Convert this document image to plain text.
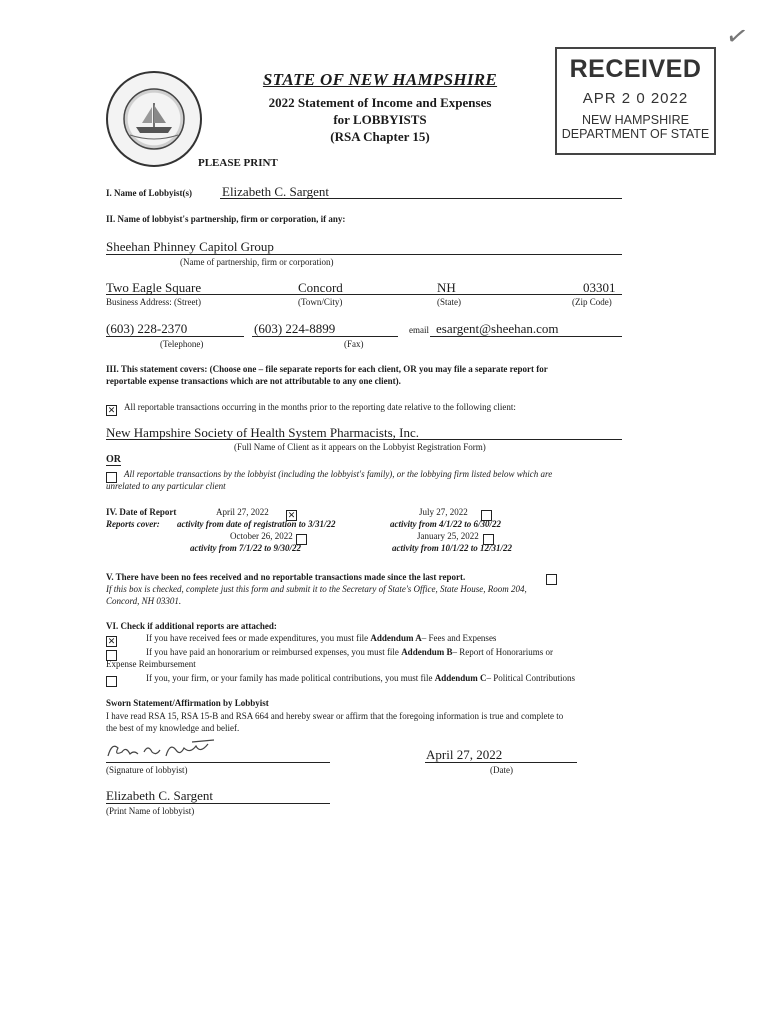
STATE OF NEW HAMPSHIRE
2022 Statement of Income and Expenses
for LOBBYISTS
(RSA Chapter 15)
PLEASE PRINT
RECEIVED
APR 2 0 2022
NEW HAMPSHIRE
DEPARTMENT OF STATE
✓
I. Name of Lobbyist(s) Elizabeth C. Sargent
II. Name of lobbyist's partnership, firm or corporation, if any:
Sheehan Phinney Capitol Group
(Name of partnership, firm or corporation)
Two Eagle Square	Concord	NH	03301
Business Address: (Street)	(Town/City)	(State)	(Zip Code)
(603) 228-2370	(603) 224-8899	email esargent@sheehan.com
(Telephone)	(Fax)
III. This statement covers: (Choose one – file separate reports for each client, OR you may file a separate report for
reportable expense transactions which are not attributable to any one client).
✕ All reportable transactions occurring in the months prior to the reporting date relative to the following client:
New Hampshire Society of Health System Pharmacists, Inc.
(Full Name of Client as it appears on the Lobbyist Registration Form)
OR
All reportable transactions by the lobbyist (including the lobbyist's family), or the lobbying firm listed below which are
unrelated to any particular client
IV. Date of Report
Reports cover:
April 27, 2022 ✕
activity from date of registration to 3/31/22
October 26, 2022
activity from 7/1/22 to 9/30/22
July 27, 2022
activity from 4/1/22 to 6/30/22
January 25, 2022
activity from 10/1/22 to 12/31/22
V. There have been no fees received and no reportable transactions made since the last report.
If this box is checked, complete just this form and submit it to the Secretary of State's Office, State House, Room 204,
Concord, NH 03301.
VI. Check if additional reports are attached:
✕	If you have received fees or made expenditures, you must file Addendum A– Fees and Expenses
If you have paid an honorarium or reimbursed expenses, you must file Addendum B– Report of Honorariums or
Expense Reimbursement
If you, your firm, or your family has made political contributions, you must file Addendum C– Political Contributions
Sworn Statement/Affirmation by Lobbyist
I have read RSA 15, RSA 15-B and RSA 664 and hereby swear or affirm that the foregoing information is true and complete to
the best of my knowledge and belief.
(Signature of lobbyist)
April 27, 2022
(Date)
Elizabeth C. Sargent
(Print Name of lobbyist)
